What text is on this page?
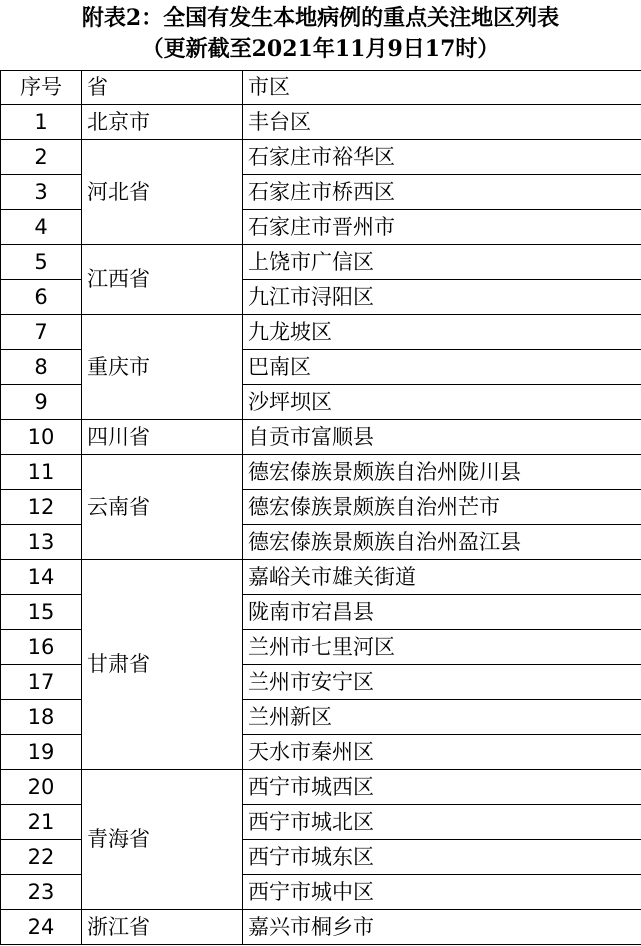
附表2：全国有发生本地病例的重点关注地区列表
（更新截至2021年11月9日17时）
序号	省	市区
1	北京市	丰台区
2	河北省	石家庄市裕华区
3		石家庄市桥西区
4		石家庄市晋州市
5	江西省	上饶市广信区
6		九江市浔阳区
7	重庆市	九龙坡区
8		巴南区
9		沙坪坝区
10	四川省	自贡市富顺县
11	云南省	德宏傣族景颇族自治州陇川县
12		德宏傣族景颇族自治州芒市
13		德宏傣族景颇族自治州盈江县
14	甘肃省	嘉峪关市雄关街道
15		陇南市宕昌县
16		兰州市七里河区
17		兰州市安宁区
18		兰州新区
19		天水市秦州区
20	青海省	西宁市城西区
21		西宁市城北区
22		西宁市城东区
23		西宁市城中区
24	浙江省	嘉兴市桐乡市
